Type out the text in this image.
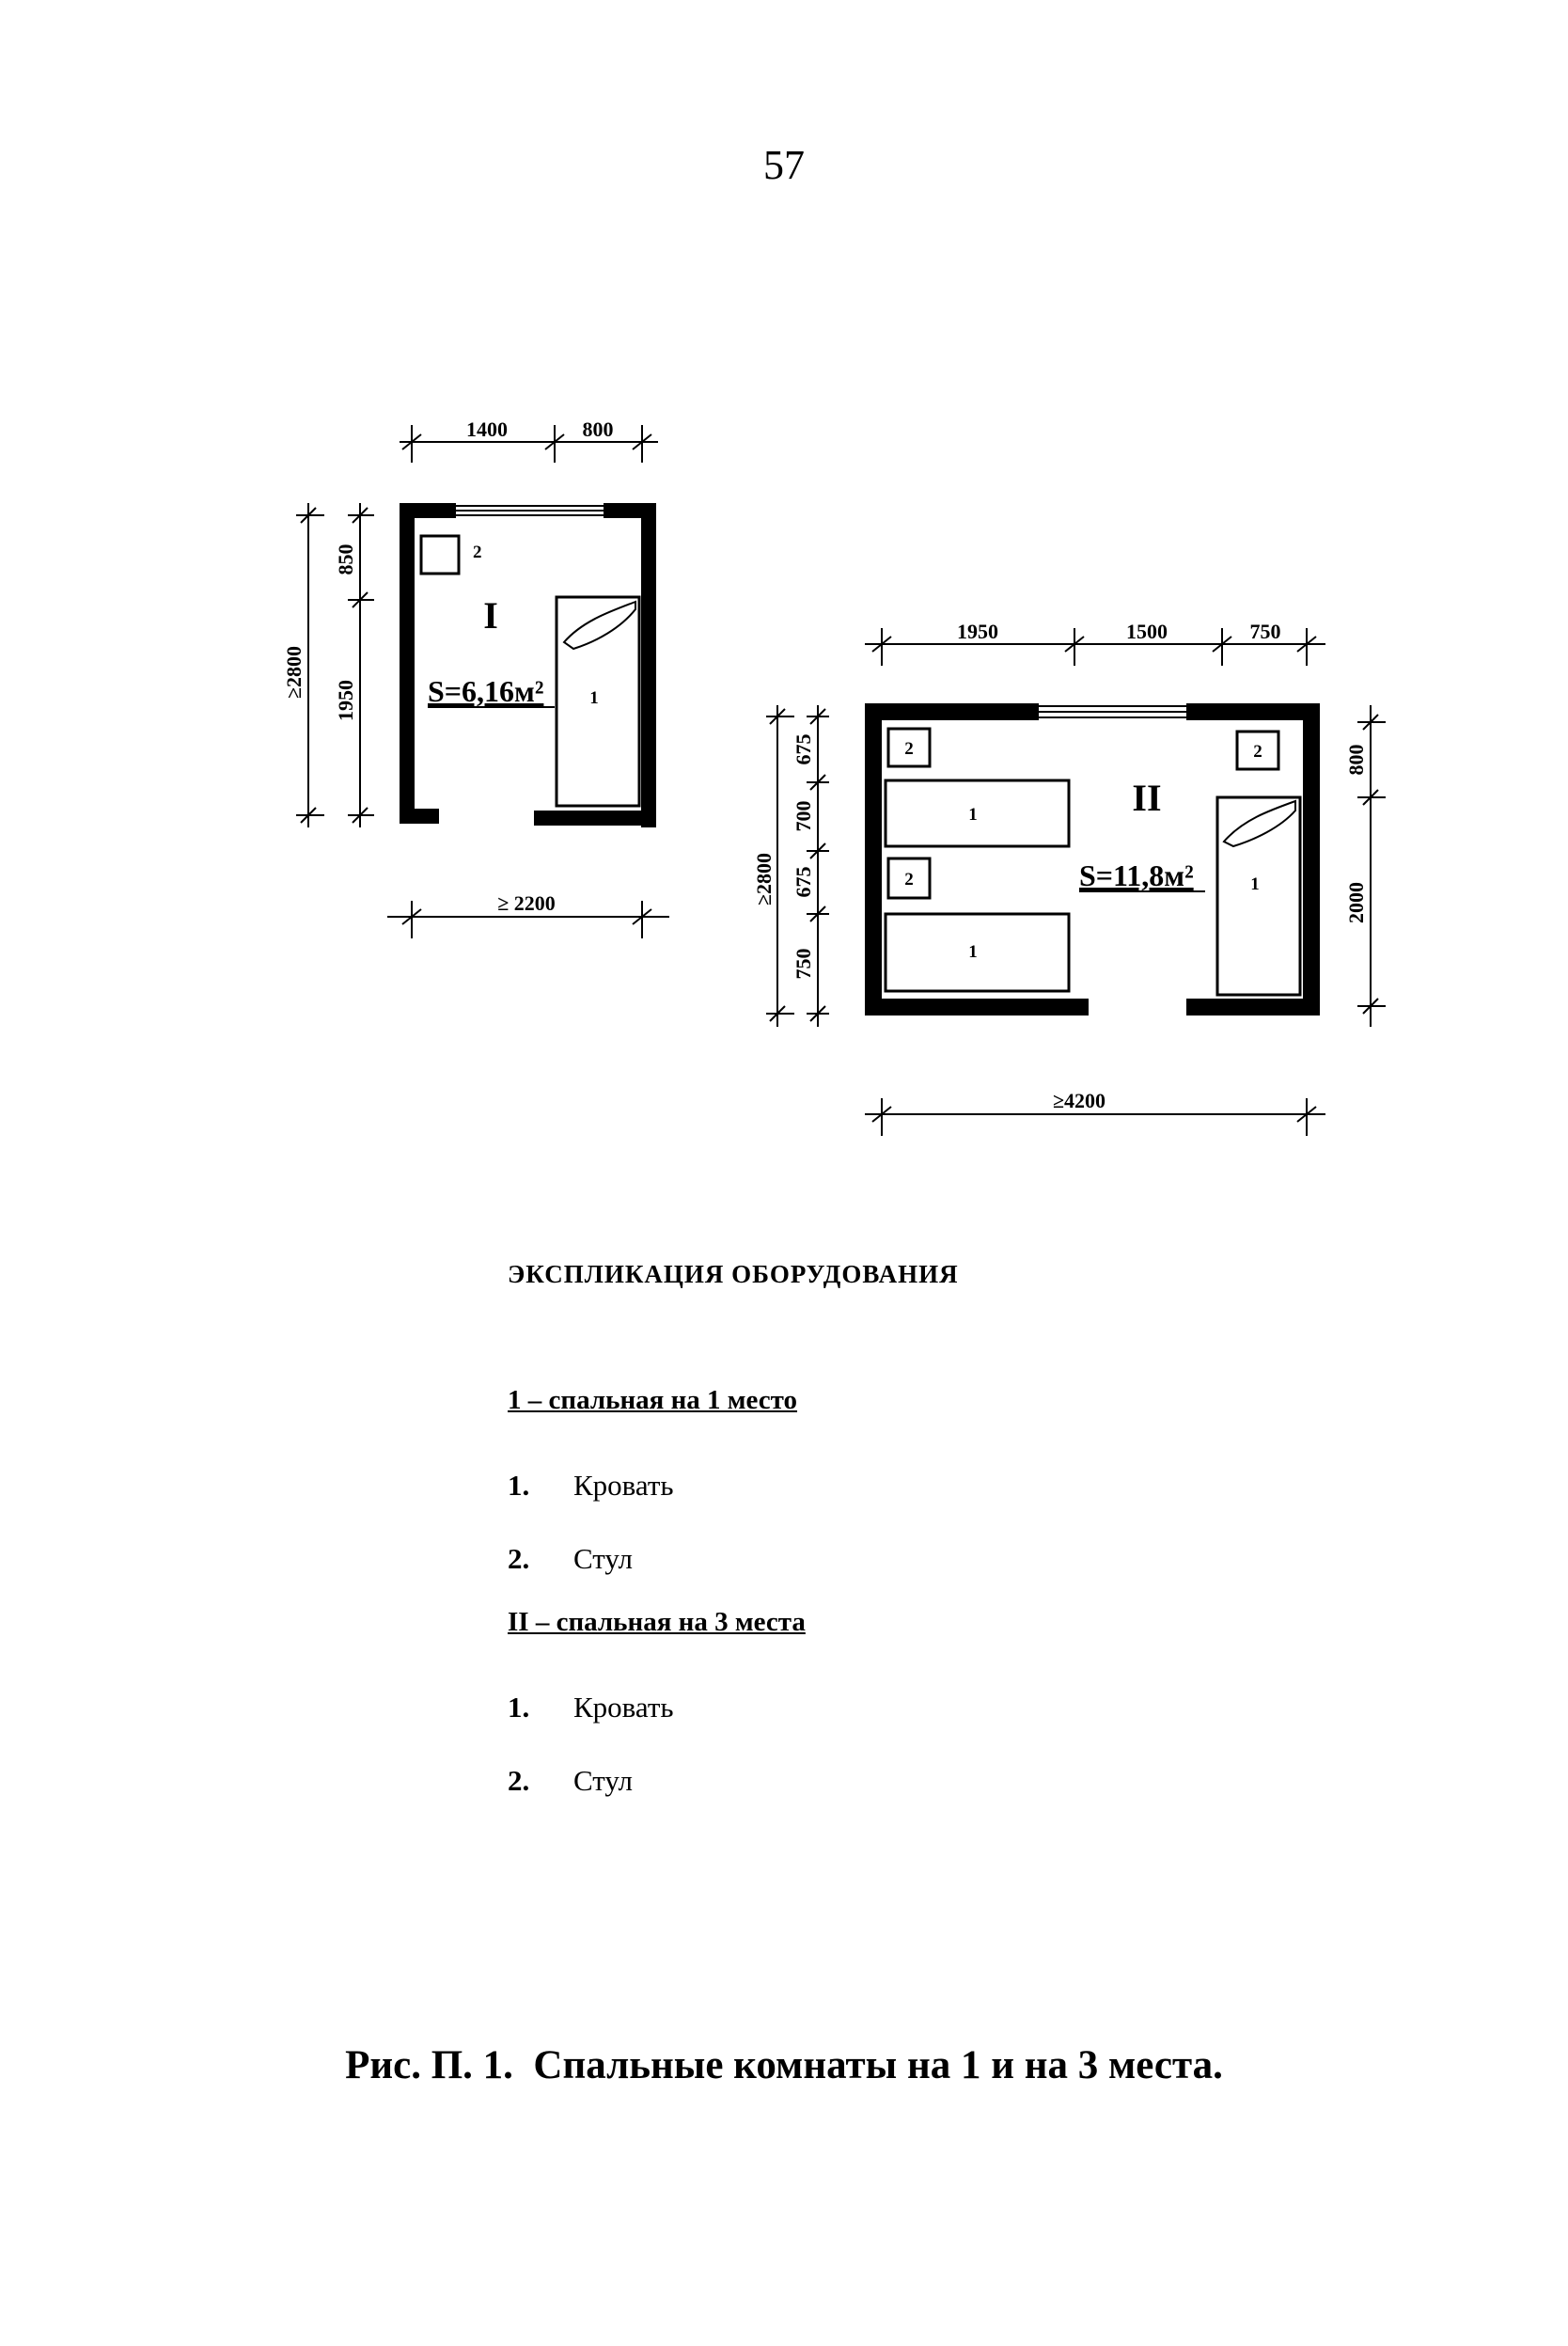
57
1400	800
≥2800
850
1950
2
1
I
S=6,16м²
≥ 2200
1950	1500	750
≥2800
675
700
675
750
800
2000
2
2
2
1
1
1
II
S=11,8м²
≥4200
ЭКСПЛИКАЦИЯ ОБОРУДОВАНИЯ
1 – спальная на 1 место
1. Кровать
2. Стул
II – спальная на 3 места
1. Кровать
2. Стул
Рис. П. 1.  Спальные комнаты на 1 и на 3 места.
